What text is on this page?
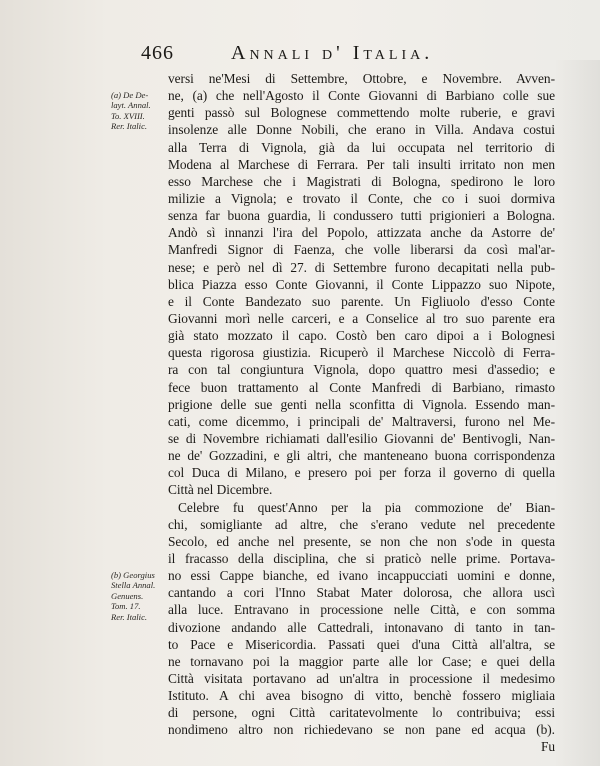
466	Annali d' Italia.
(a) De De-
layt. Annal.
To. XVIII.
Rer. Italic.
(b) Georgius
Stella Annal.
Genuens.
Tom. 17.
Rer. Italic.
versi ne'Mesi di Settembre, Ottobre, e Novembre. Avven-
ne, (a) che nell'Agosto il Conte Giovanni di Barbiano colle sue
genti passò sul Bolognese commettendo molte ruberie, e gravi
insolenze alle Donne Nobili, che erano in Villa. Andava costui
alla Terra di Vignola, già da lui occupata nel territorio di
Modena al Marchese di Ferrara. Per tali insulti irritato non men
esso Marchese che i Magistrati di Bologna, spedirono le loro
milizie a Vignola; e trovato il Conte, che co i suoi dormiva
senza far buona guardia, li condussero tutti prigionieri a Bologna.
Andò sì innanzi l'ira del Popolo, attizzata anche da Astorre de'
Manfredi Signor di Faenza, che volle liberarsi da così mal'ar-
nese; e però nel dì 27. di Settembre furono decapitati nella pub-
blica Piazza esso Conte Giovanni, il Conte Lippazzo suo Nipote,
e il Conte Bandezato suo parente. Un Figliuolo d'esso Conte
Giovanni morì nelle carceri, e a Conselice al tro suo parente era
già stato mozzato il capo. Costò ben caro dipoi a i Bolognesi
questa rigorosa giustizia. Ricuperò il Marchese Niccolò di Ferra-
ra con tal congiuntura Vignola, dopo quattro mesi d'assedio; e
fece buon trattamento al Conte Manfredi di Barbiano, rimasto
prigione delle sue genti nella sconfitta di Vignola. Essendo man-
cati, come dicemmo, i principali de' Maltraversi, furono nel Me-
se di Novembre richiamati dall'esilio Giovanni de' Bentivogli, Nan-
ne de' Gozzadini, e gli altri, che manteneano buona corrispondenza
col Duca di Milano, e presero poi per forza il governo di quella
Città nel Dicembre.
Celebre fu quest'Anno per la pia commozione de' Bian-
chi, somigliante ad altre, che s'erano vedute nel precedente
Secolo, ed anche nel presente, se non che non s'ode in questa
il fracasso della disciplina, che si praticò nelle prime. Portava-
no essi Cappe bianche, ed ivano incappucciati uomini e donne,
cantando a cori l'Inno Stabat Mater dolorosa, che allora uscì
alla luce. Entravano in processione nelle Città, e con somma
divozione andando alle Cattedrali, intonavano di tanto in tan-
to Pace e Misericordia. Passati quei d'una Città all'altra, se
ne tornavano poi la maggior parte alle lor Case; e quei della
Città visitata portavano ad un'altra in processione il medesimo
Istituto. A chi avea bisogno di vitto, benchè fossero migliaia
di persone, ogni Città caritatevolmente lo contribuiva; essi
nondimeno altro non richiedevano se non pane ed acqua (b).
Fu
